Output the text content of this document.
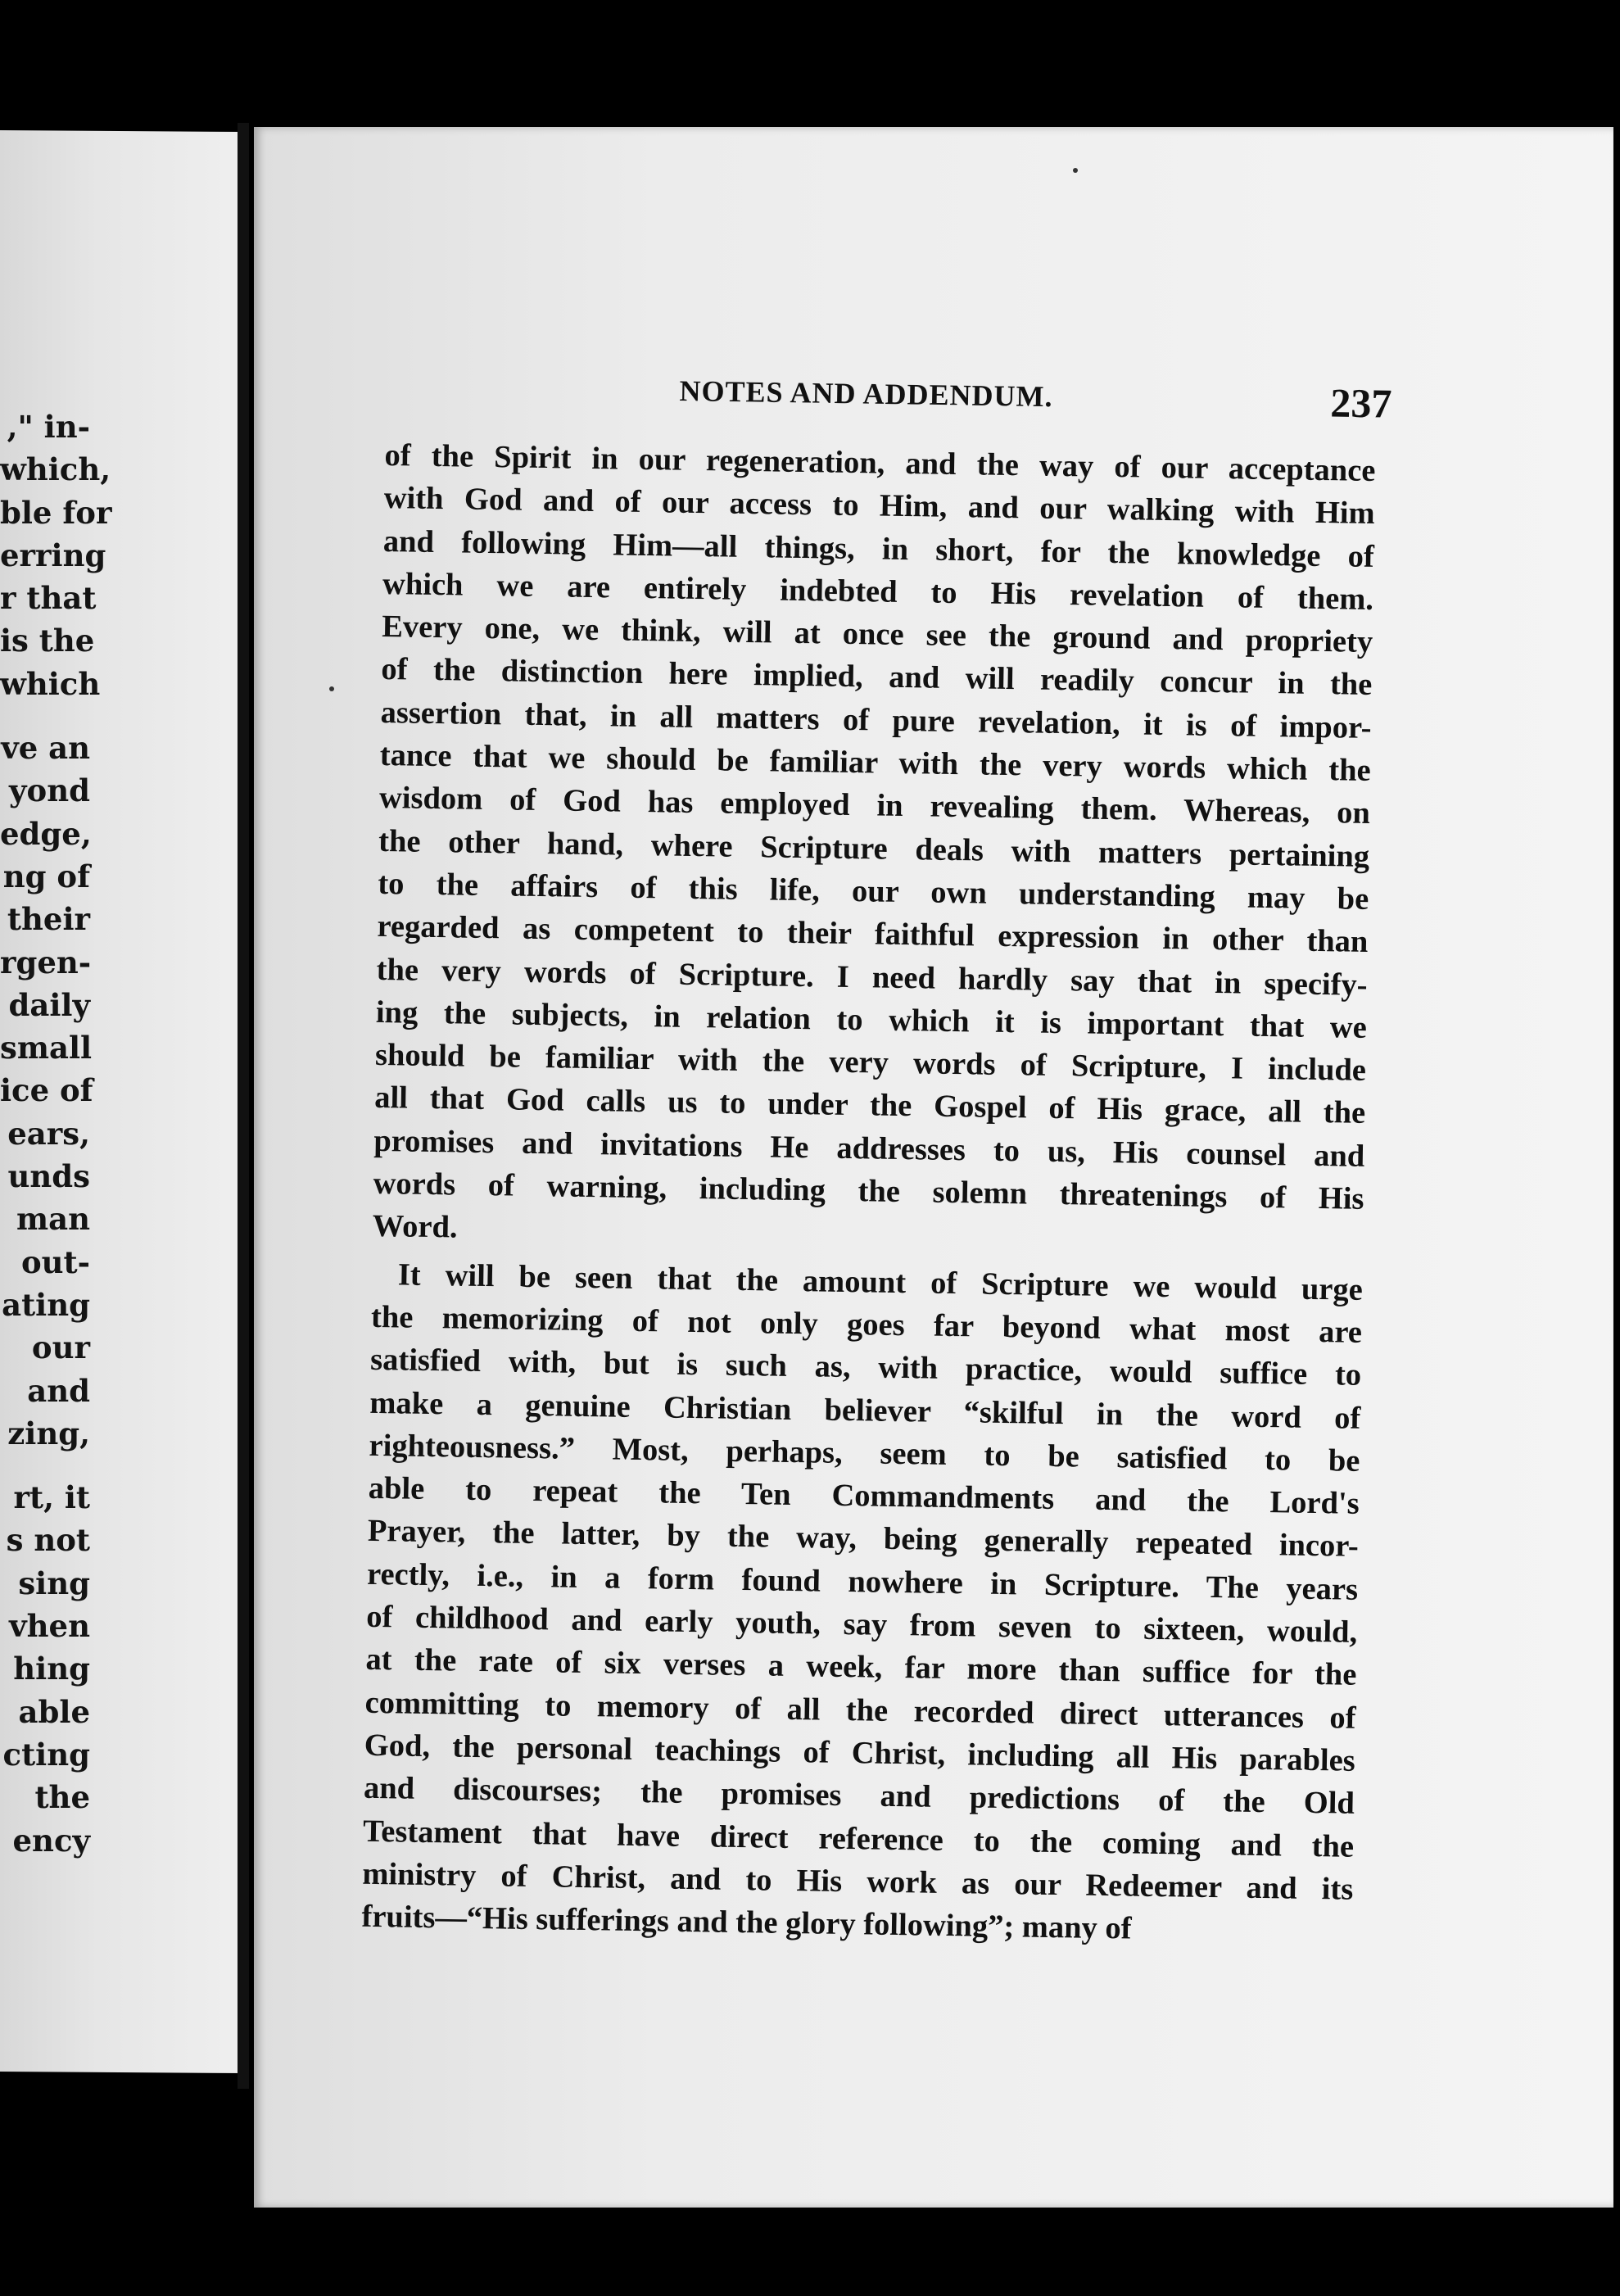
," in-
which,
ble for
erring
r that
is the
which
ve an
yond
edge,
ng of
their
rgen-
daily
small
ice of
ears,
unds
man
out-
ating
our
and
zing,
rt, it
s not
sing
vhen
hing
able
cting
the
ency
NOTES AND ADDENDUM.	237
of the Spirit in our regeneration, and the way of our acceptance
with God and of our access to Him, and our walking with Him
and following Him—all things, in short, for the knowledge of
which we are entirely indebted to His revelation of them.
Every one, we think, will at once see the ground and propriety
of the distinction here implied, and will readily concur in the
assertion that, in all matters of pure revelation, it is of impor-
tance that we should be familiar with the very words which the
wisdom of God has employed in revealing them. Whereas, on
the other hand, where Scripture deals with matters pertaining
to the affairs of this life, our own understanding may be
regarded as competent to their faithful expression in other than
the very words of Scripture. I need hardly say that in specify-
ing the subjects, in relation to which it is important that we
should be familiar with the very words of Scripture, I include
all that God calls us to under the Gospel of His grace, all the
promises and invitations He addresses to us, His counsel and
words of warning, including the solemn threatenings of His
Word.
It will be seen that the amount of Scripture we would urge
the memorizing of not only goes far beyond what most are
satisfied with, but is such as, with practice, would suffice to
make a genuine Christian believer “skilful in the word of
righteousness.” Most, perhaps, seem to be satisfied to be
able to repeat the Ten Commandments and the Lord's
Prayer, the latter, by the way, being generally repeated incor-
rectly, i.e., in a form found nowhere in Scripture. The years
of childhood and early youth, say from seven to sixteen, would,
at the rate of six verses a week, far more than suffice for the
committing to memory of all the recorded direct utterances of
God, the personal teachings of Christ, including all His parables
and discourses; the promises and predictions of the Old
Testament that have direct reference to the coming and the
ministry of Christ, and to His work as our Redeemer and its
fruits—“His sufferings and the glory following”; many of
